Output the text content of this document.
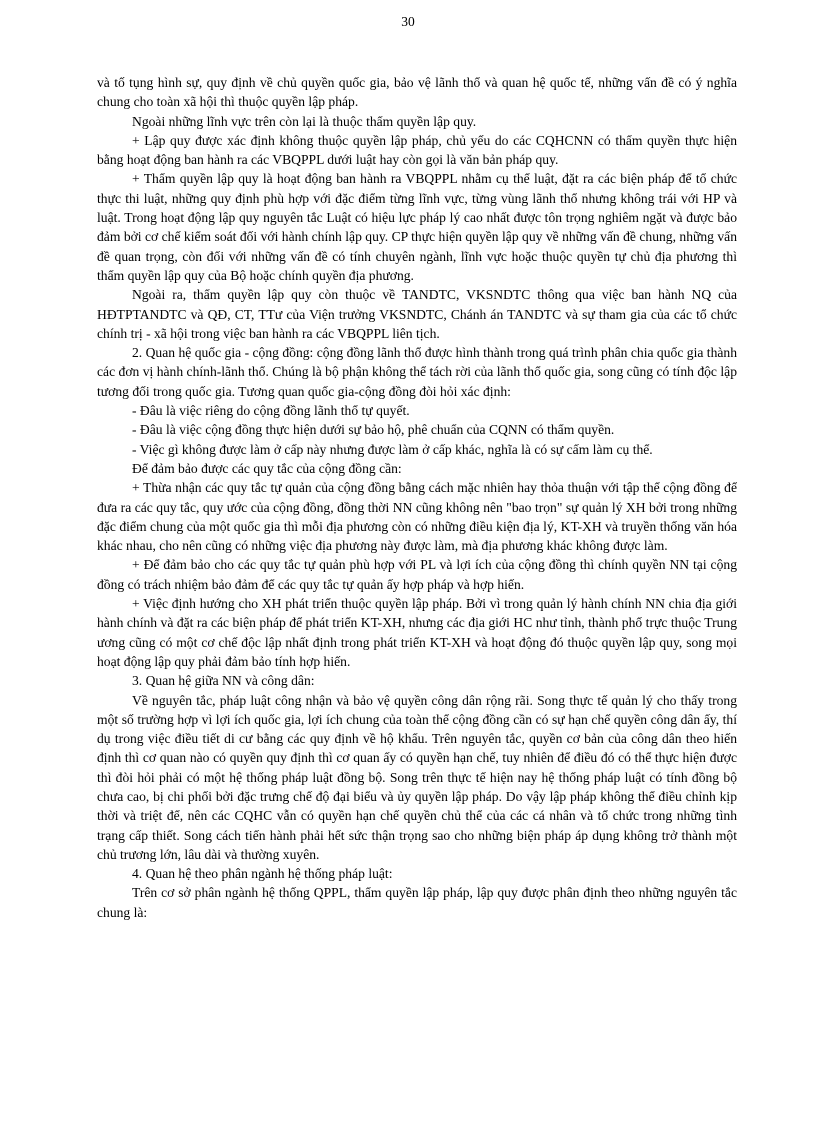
30

và tố tụng hình sự, quy định về chủ quyền quốc gia, bảo vệ lãnh thổ và quan hệ quốc tế, những vấn đề có ý nghĩa chung cho toàn xã hội thì thuộc quyền lập pháp.

Ngoài những lĩnh vực trên còn lại là thuộc thẩm quyền lập quy.

+ Lập quy được xác định không thuộc quyền lập pháp, chủ yếu do các CQHCNN có thẩm quyền thực hiện bằng hoạt động ban hành ra các VBQPPL dưới luật hay còn gọi là văn bản pháp quy.

+ Thẩm quyền lập quy là hoạt động ban hành ra VBQPPL nhằm cụ thể luật, đặt ra các biện pháp để tổ chức thực thi luật, những quy định phù hợp với đặc điểm từng lĩnh vực, từng vùng lãnh thổ nhưng không trái với HP và luật. Trong hoạt động lập quy nguyên tắc Luật có hiệu lực pháp lý cao nhất được tôn trọng nghiêm ngặt và được bảo đảm bởi cơ chế kiểm soát đối với hành chính lập quy. CP thực hiện quyền lập quy về những vấn đề chung, những vấn đề quan trọng, còn đối với những vấn đề có tính chuyên ngành, lĩnh vực hoặc thuộc quyền tự chủ địa phương thì thẩm quyền lập quy của Bộ hoặc chính quyền địa phương.

Ngoài ra, thẩm quyền lập quy còn thuộc về TANDTC, VKSNDTC thông qua việc ban hành NQ của HĐTPTANDTC và QĐ, CT, TTư của Viện trưởng VKSNDTC, Chánh án TANDTC và sự tham gia của các tổ chức chính trị - xã hội trong việc ban hành ra các VBQPPL liên tịch.

2. Quan hệ quốc gia - cộng đồng: cộng đồng lãnh thổ được hình thành trong quá trình phân chia quốc gia thành các đơn vị hành chính-lãnh thổ. Chúng là bộ phận không thể tách rời của lãnh thổ quốc gia, song cũng có tính độc lập tương đối trong quốc gia. Tương quan quốc gia-cộng đồng đòi hỏi xác định:

- Đâu là việc riêng do cộng đồng lãnh thổ tự quyết.

- Đâu là việc cộng đồng thực hiện dưới sự bảo hộ, phê chuẩn của CQNN có thẩm quyền.

- Việc gì không được làm ở cấp này nhưng được làm ở cấp khác, nghĩa là có sự cấm làm cụ thể.

Để đảm bảo được các quy tắc của cộng đồng cần:

+ Thừa nhận các quy tắc tự quản của cộng đồng bằng cách mặc nhiên hay thỏa thuận với tập thể cộng đồng để đưa ra các quy tắc, quy ước của cộng đồng, đồng thời NN cũng không nên "bao trọn" sự quản lý XH bởi trong những đặc điểm chung của một quốc gia thì mỗi địa phương còn có những điều kiện địa lý, KT-XH và truyền thống văn hóa khác nhau, cho nên cũng có những việc địa phương này được làm, mà địa phương khác không được làm.

+ Để đảm bảo cho các quy tắc tự quản phù hợp với PL và lợi ích của cộng đồng thì chính quyền NN tại cộng đồng có trách nhiệm bảo đảm để các quy tắc tự quản ấy hợp pháp và hợp hiến.

+ Việc định hướng cho XH phát triển thuộc quyền lập pháp. Bởi vì trong quản lý hành chính NN chia địa giới hành chính và đặt ra các biện pháp để phát triển KT-XH, nhưng các địa giới HC như tỉnh, thành phố trực thuộc Trung ương cũng có một cơ chế độc lập nhất định trong phát triển KT-XH và hoạt động đó thuộc quyền lập quy, song mọi hoạt động lập quy phải đảm bảo tính hợp hiến.

3. Quan hệ giữa NN và công dân:

Về nguyên tắc, pháp luật công nhận và bảo vệ quyền công dân rộng rãi. Song thực tế quản lý cho thấy trong một số trường hợp vì lợi ích quốc gia, lợi ích chung của toàn thể cộng đồng cần có sự hạn chế quyền công dân ấy, thí dụ trong việc điều tiết di cư bằng các quy định về hộ khẩu. Trên nguyên tắc, quyền cơ bản của công dân theo hiến định thì cơ quan nào có quyền quy định thì cơ quan ấy có quyền hạn chế, tuy nhiên để điều đó có thể thực hiện được thì đòi hỏi phải có một hệ thống pháp luật đồng bộ. Song trên thực tế hiện nay hệ thống pháp luật có tính đồng bộ chưa cao, bị chi phối bởi đặc trưng chế độ đại biểu và ủy quyền lập pháp. Do vậy lập pháp không thể điều chỉnh kịp thời và triệt để, nên các CQHC vẫn có quyền hạn chế quyền chủ thể của các cá nhân và tổ chức trong những tình trạng cấp thiết. Song cách tiến hành phải hết sức thận trọng sao cho những biện pháp áp dụng không trở thành một chủ trương lớn, lâu dài và thường xuyên.

4. Quan hệ theo phân ngành hệ thống pháp luật:

Trên cơ sở phân ngành hệ thống QPPL, thẩm quyền lập pháp, lập quy được phân định theo những nguyên tắc chung là:
